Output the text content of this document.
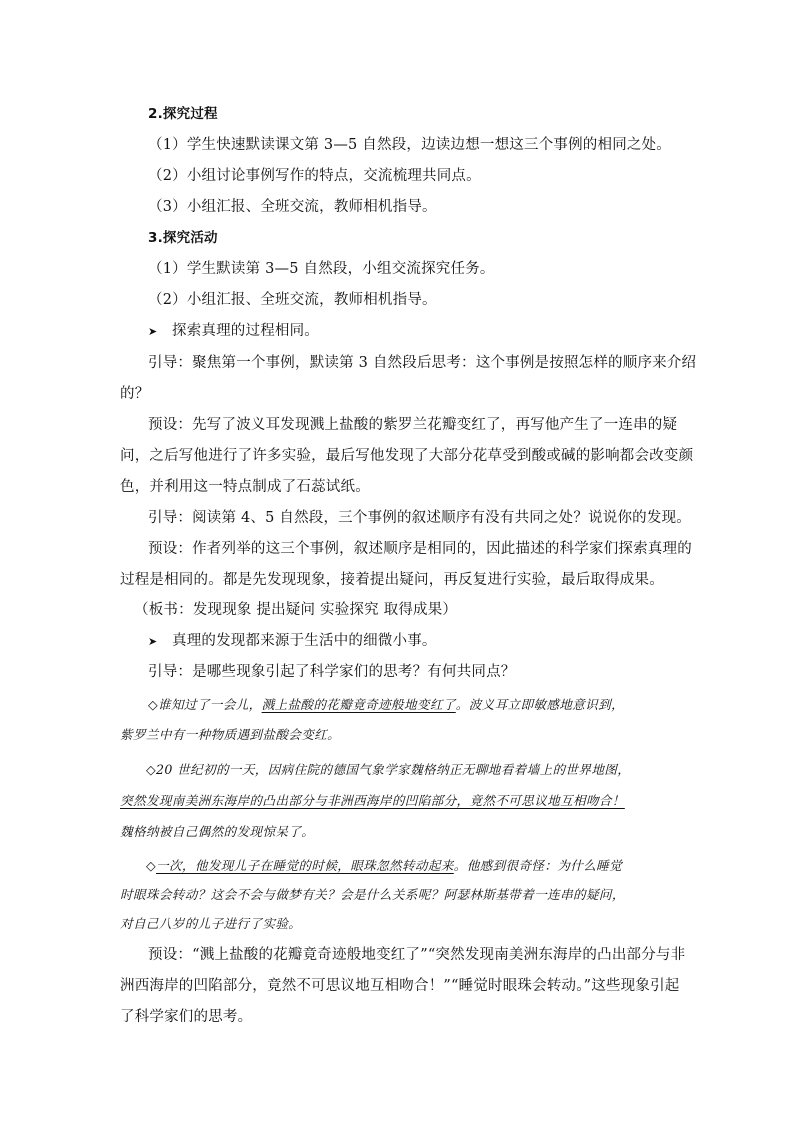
2.探究过程
（1）学生快速默读课文第 3—5 自然段，边读边想一想这三个事例的相同之处。
（2）小组讨论事例写作的特点，交流梳理共同点。
（3）小组汇报、全班交流，教师相机指导。
3.探究活动
（1）学生默读第 3—5 自然段，小组交流探究任务。
（2）小组汇报、全班交流，教师相机指导。
➤ 探索真理的过程相同。
引导：聚焦第一个事例，默读第 3 自然段后思考：这个事例是按照怎样的顺序来介绍
的？
预设：先写了波义耳发现溅上盐酸的紫罗兰花瓣变红了，再写他产生了一连串的疑
问，之后写他进行了许多实验，最后写他发现了大部分花草受到酸或碱的影响都会改变颜
色，并利用这一特点制成了石蕊试纸。
引导：阅读第 4、5 自然段，三个事例的叙述顺序有没有共同之处？说说你的发现。
预设：作者列举的这三个事例，叙述顺序是相同的，因此描述的科学家们探索真理的
过程是相同的。都是先发现现象，接着提出疑问，再反复进行实验，最后取得成果。
（板书：发现现象 提出疑问 实验探究 取得成果）
➤ 真理的发现都来源于生活中的细微小事。
引导：是哪些现象引起了科学家们的思考？有何共同点？
◇谁知过了一会儿，溅上盐酸的花瓣竟奇迹般地变红了。波义耳立即敏感地意识到，
紫罗兰中有一种物质遇到盐酸会变红。
◇20 世纪初的一天，因病住院的德国气象学家魏格纳正无聊地看着墙上的世界地图，
突然发现南美洲东海岸的凸出部分与非洲西海岸的凹陷部分，竟然不可思议地互相吻合！
魏格纳被自己偶然的发现惊呆了。
◇一次，他发现儿子在睡觉的时候，眼珠忽然转动起来。他感到很奇怪：为什么睡觉
时眼珠会转动？这会不会与做梦有关？会是什么关系呢？阿瑟林斯基带着一连串的疑问，
对自己八岁的儿子进行了实验。
预设：“溅上盐酸的花瓣竟奇迹般地变红了”“突然发现南美洲东海岸的凸出部分与非
洲西海岸的凹陷部分，竟然不可思议地互相吻合！”“睡觉时眼珠会转动。”这些现象引起
了科学家们的思考。
